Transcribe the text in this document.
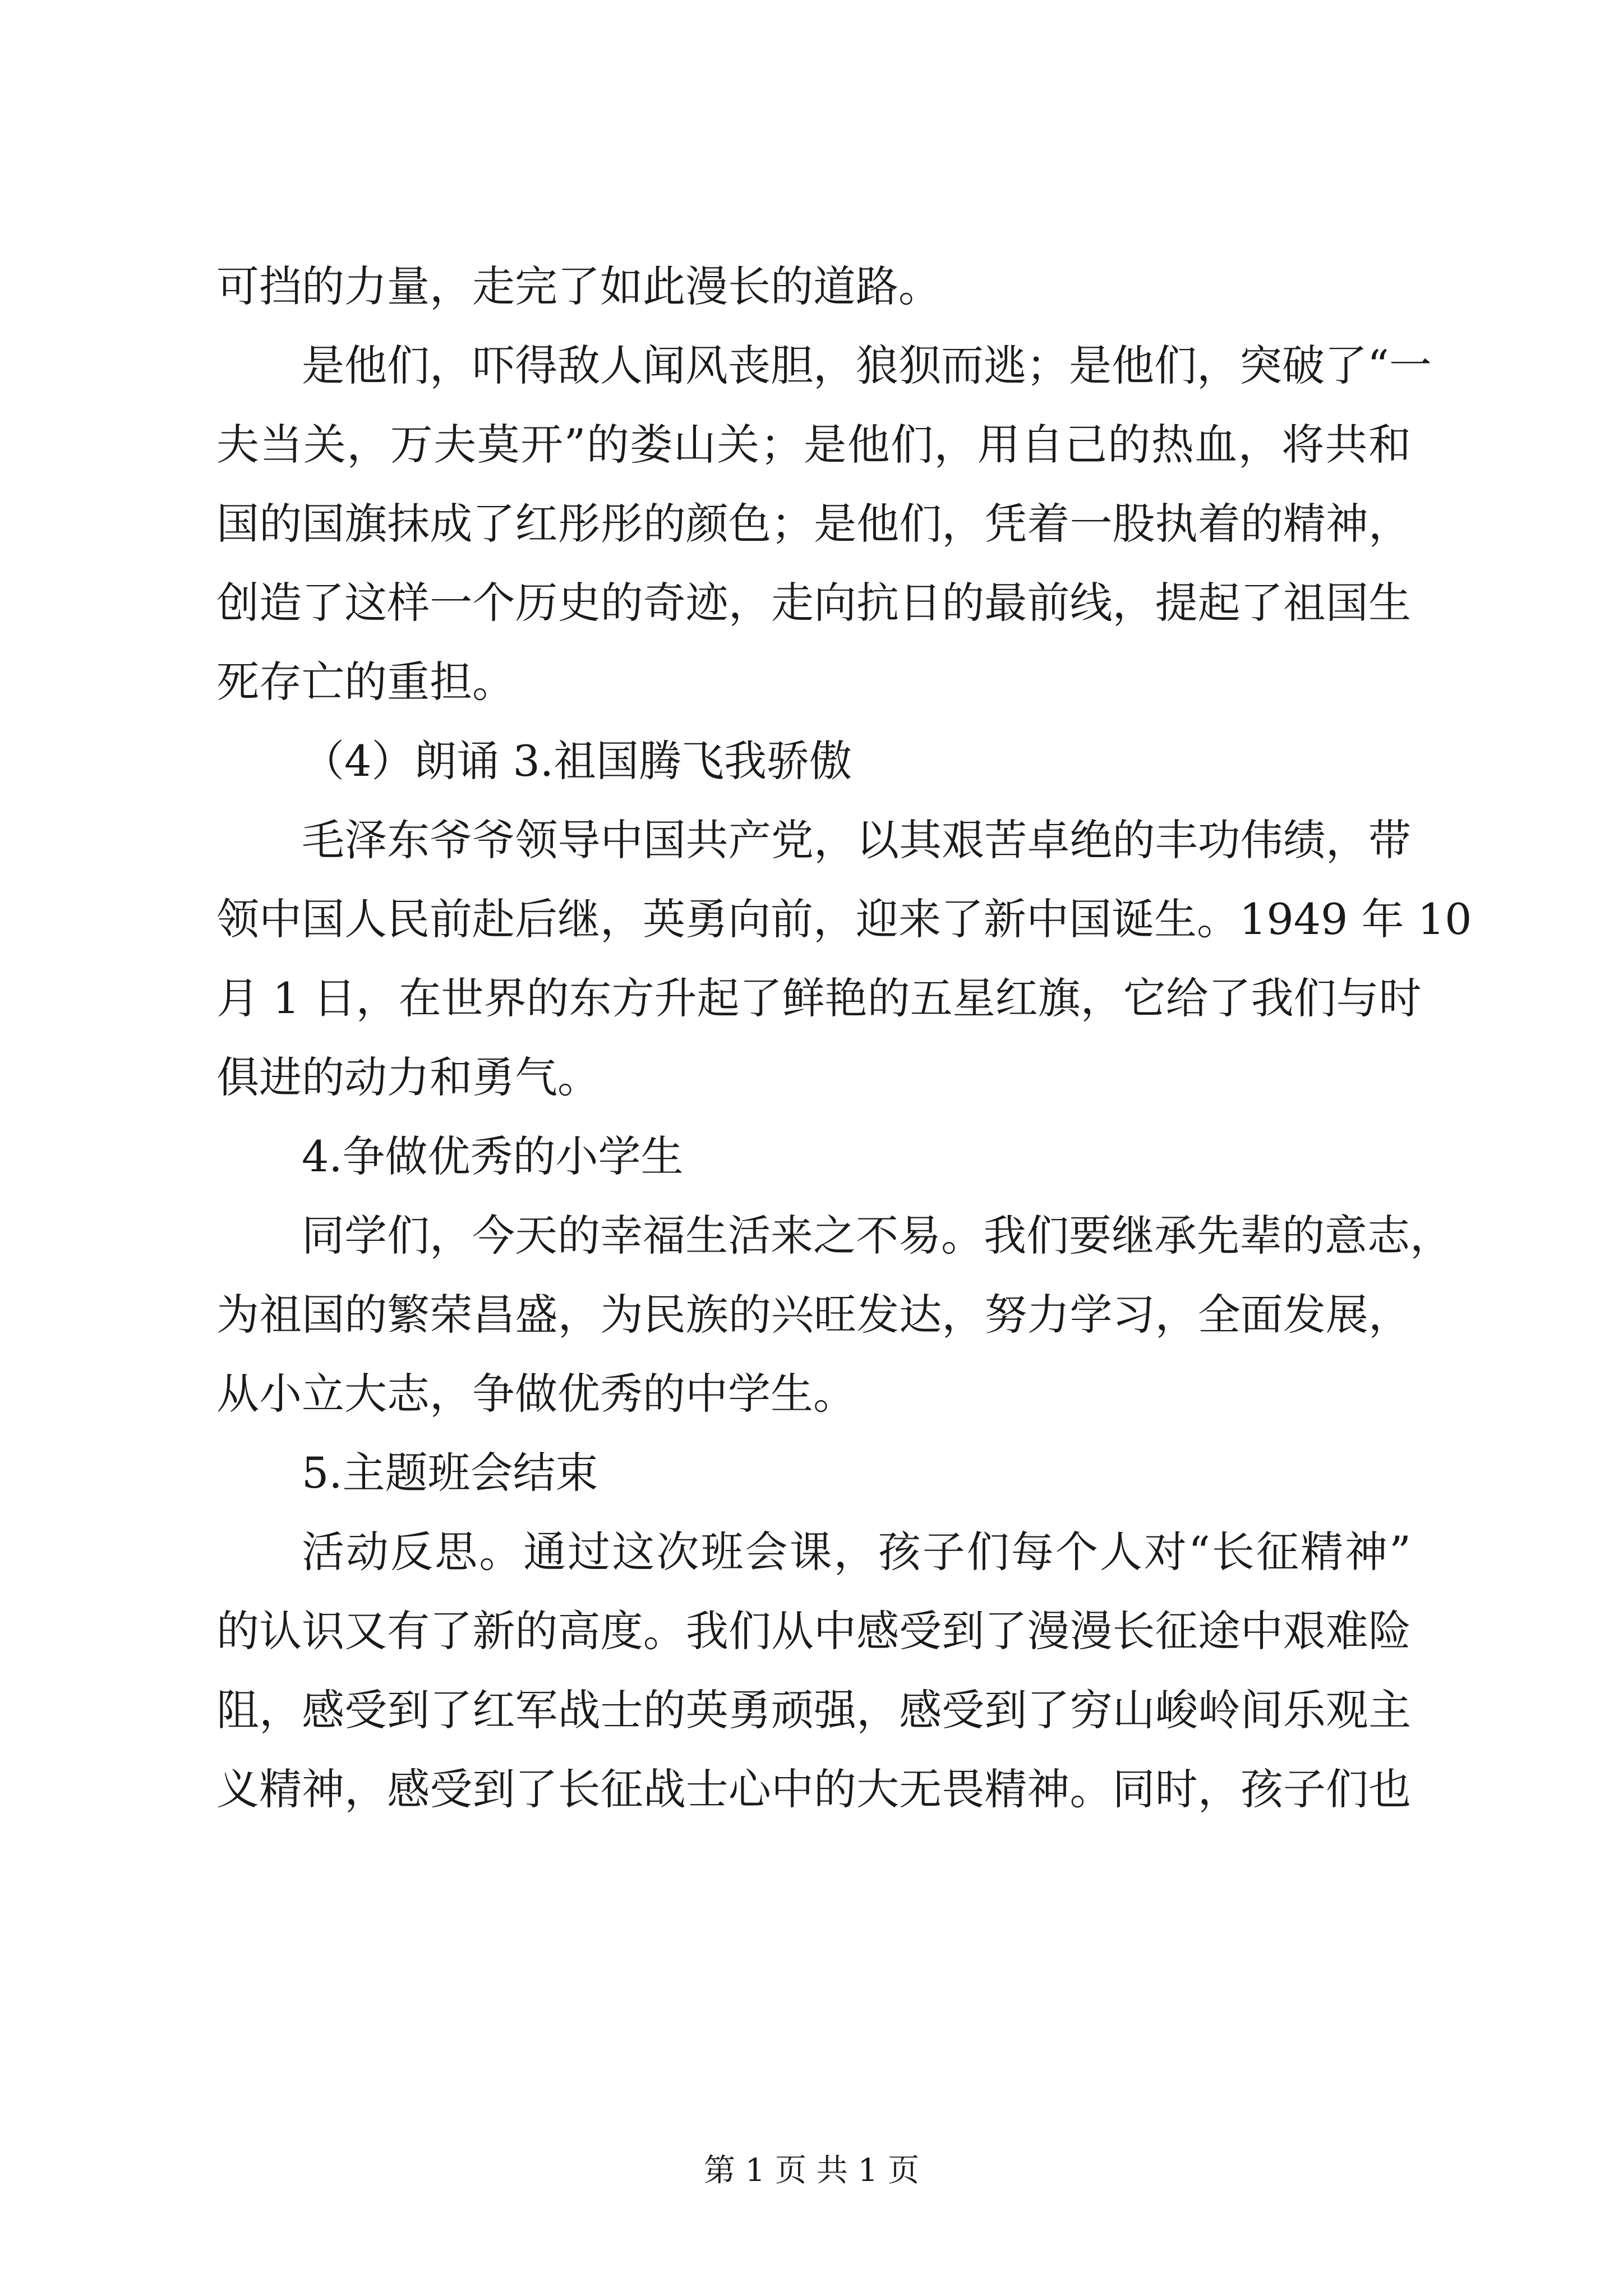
可挡的力量，走完了如此漫长的道路。
是他们，吓得敌人闻风丧胆，狼狈而逃；是他们，突破了“一
夫当关，万夫莫开”的娄山关；是他们，用自己的热血，将共和
国的国旗抹成了红彤彤的颜色；是他们，凭着一股执着的精神，
创造了这样一个历史的奇迹，走向抗日的最前线，提起了祖国生
死存亡的重担。
（4）朗诵 3.祖国腾飞我骄傲
毛泽东爷爷领导中国共产党，以其艰苦卓绝的丰功伟绩，带
领中国人民前赴后继，英勇向前，迎来了新中国诞生。1949 年 10
月 1 日，在世界的东方升起了鲜艳的五星红旗，它给了我们与时
俱进的动力和勇气。
4.争做优秀的小学生
同学们，今天的幸福生活来之不易。我们要继承先辈的意志，
为祖国的繁荣昌盛，为民族的兴旺发达，努力学习，全面发展，
从小立大志，争做优秀的中学生。
5.主题班会结束
活动反思。通过这次班会课，孩子们每个人对“长征精神”
的认识又有了新的高度。我们从中感受到了漫漫长征途中艰难险
阻，感受到了红军战士的英勇顽强，感受到了穷山峻岭间乐观主
义精神，感受到了长征战士心中的大无畏精神。同时，孩子们也
第 1 页 共 1 页
